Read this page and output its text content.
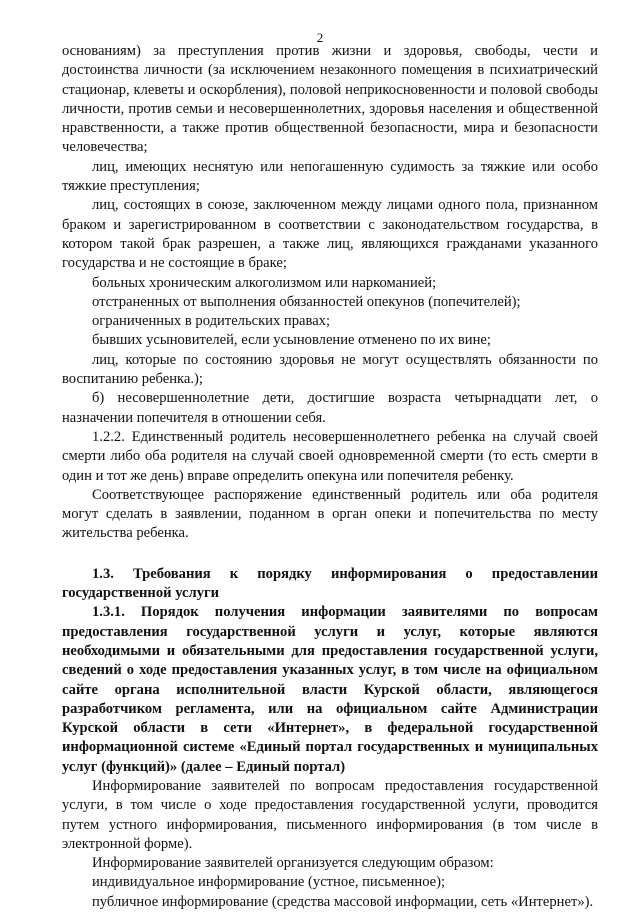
2

основаниям) за преступления против жизни и здоровья, свободы, чести и достоинства личности (за исключением незаконного помещения в психиатрический стационар, клеветы и оскорбления), половой неприкосновенности и половой свободы личности, против семьи и несовершеннолетних, здоровья населения и общественной нравственности, а также против общественной безопасности, мира и безопасности человечества;

лиц, имеющих неснятую или непогашенную судимость за тяжкие или особо тяжкие преступления;

лиц, состоящих в союзе, заключенном между лицами одного пола, признанном браком и зарегистрированном в соответствии с законодательством государства, в котором такой брак разрешен, а также лиц, являющихся гражданами указанного государства и не состоящие в браке;

больных хроническим алкоголизмом или наркоманией;

отстраненных от выполнения обязанностей опекунов (попечителей);

ограниченных в родительских правах;

бывших усыновителей, если усыновление отменено по их вине;

лиц, которые по состоянию здоровья не могут осуществлять обязанности по воспитанию ребенка.);

б) несовершеннолетние дети, достигшие возраста четырнадцати лет, о назначении попечителя в отношении себя.

1.2.2. Единственный родитель несовершеннолетнего ребенка на случай своей смерти либо оба родителя на случай своей одновременной смерти (то есть смерти в один и тот же день) вправе определить опекуна или попечителя ребенку.

Соответствующее распоряжение единственный родитель или оба родителя могут сделать в заявлении, поданном в орган опеки и попечительства по месту жительства ребенка.

1.3. Требования к порядку информирования о предоставлении государственной услуги

1.3.1. Порядок получения информации заявителями по вопросам предоставления государственной услуги и услуг, которые являются необходимыми и обязательными для предоставления государственной услуги, сведений о ходе предоставления указанных услуг, в том числе на официальном сайте органа исполнительной власти Курской области, являющегося разработчиком регламента, или на официальном сайте Администрации Курской области в сети «Интернет», в федеральной государственной информационной системе «Единый портал государственных и муниципальных услуг (функций)» (далее – Единый портал)

Информирование заявителей по вопросам предоставления государственной услуги, в том числе о ходе предоставления государственной услуги, проводится путем устного информирования, письменного информирования (в том числе в электронной форме).

Информирование заявителей организуется следующим образом:

индивидуальное информирование (устное, письменное);

публичное информирование (средства массовой информации, сеть «Интернет»).
